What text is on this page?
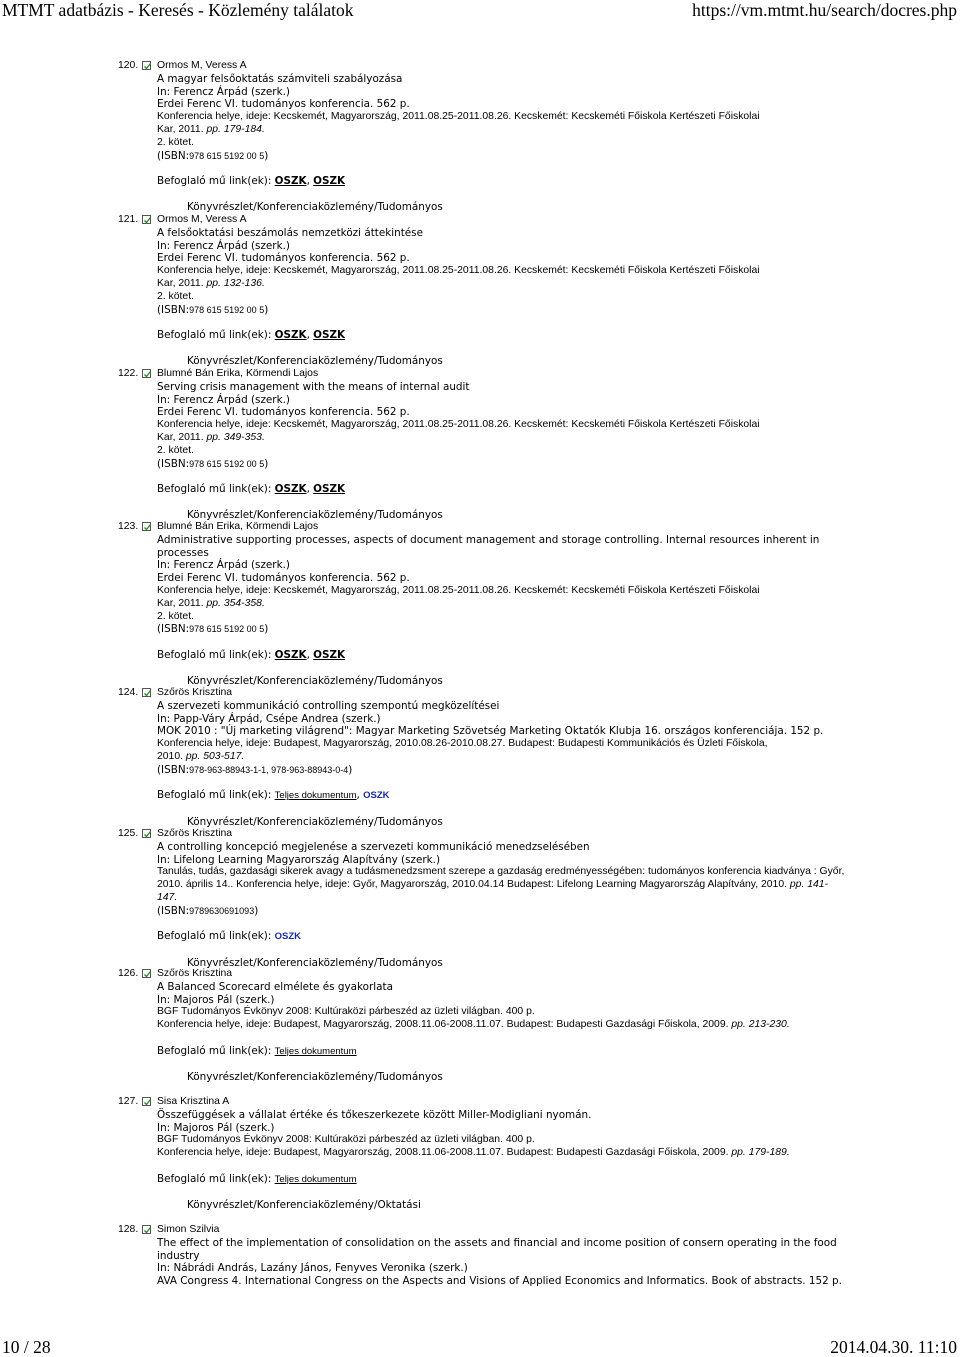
MTMT adatbázis - Keresés - Közlemény találatok	https://vm.mtmt.hu/search/docres.php
120. Ormos M, Veress A
A magyar felsőoktatás számviteli szabályozása
In: Ferencz Árpád (szerk.)
Erdei Ferenc VI. tudományos konferencia. 562 p.
Konferencia helye, ideje: Kecskemét, Magyarország, 2011.08.25-2011.08.26. Kecskemét: Kecskeméti Főiskola Kertészeti Főiskolai
Kar, 2011. pp. 179-184.
2. kötet.
(ISBN:978 615 5192 00 5)
Befoglaló mű link(ek): OSZK, OSZK
Könyvrészlet/Konferenciaközlemény/Tudományos
121. Ormos M, Veress A
A felsőoktatási beszámolás nemzetközi áttekintése
In: Ferencz Árpád (szerk.)
Erdei Ferenc VI. tudományos konferencia. 562 p.
Konferencia helye, ideje: Kecskemét, Magyarország, 2011.08.25-2011.08.26. Kecskemét: Kecskeméti Főiskola Kertészeti Főiskolai
Kar, 2011. pp. 132-136.
2. kötet.
(ISBN:978 615 5192 00 5)
Befoglaló mű link(ek): OSZK, OSZK
Könyvrészlet/Konferenciaközlemény/Tudományos
122. Blumné Bán Erika, Körmendi Lajos
Serving crisis management with the means of internal audit
In: Ferencz Árpád (szerk.)
Erdei Ferenc VI. tudományos konferencia. 562 p.
Konferencia helye, ideje: Kecskemét, Magyarország, 2011.08.25-2011.08.26. Kecskemét: Kecskeméti Főiskola Kertészeti Főiskolai
Kar, 2011. pp. 349-353.
2. kötet.
(ISBN:978 615 5192 00 5)
Befoglaló mű link(ek): OSZK, OSZK
Könyvrészlet/Konferenciaközlemény/Tudományos
123. Blumné Bán Erika, Körmendi Lajos
Administrative supporting processes, aspects of document management and storage controlling. Internal resources inherent in processes
In: Ferencz Árpád (szerk.)
Erdei Ferenc VI. tudományos konferencia. 562 p.
Konferencia helye, ideje: Kecskemét, Magyarország, 2011.08.25-2011.08.26. Kecskemét: Kecskeméti Főiskola Kertészeti Főiskolai
Kar, 2011. pp. 354-358.
2. kötet.
(ISBN:978 615 5192 00 5)
Befoglaló mű link(ek): OSZK, OSZK
Könyvrészlet/Konferenciaközlemény/Tudományos
124. Szőrös Krisztina
A szervezeti kommunikáció controlling szempontú megközelítései
In: Papp-Váry Árpád, Csépe Andrea (szerk.)
MOK 2010 : "Új marketing világrend": Magyar Marketing Szövetség Marketing Oktatók Klubja 16. országos konferenciája. 152 p.
Konferencia helye, ideje: Budapest, Magyarország, 2010.08.26-2010.08.27. Budapest: Budapesti Kommunikációs és Üzleti Főiskola,
2010. pp. 503-517.
(ISBN:978-963-88943-1-1, 978-963-88943-0-4)
Befoglaló mű link(ek): Teljes dokumentum, OSZK
Könyvrészlet/Konferenciaközlemény/Tudományos
125. Szőrös Krisztina
A controlling koncepció megjelenése a szervezeti kommunikáció menedzselésében
In: Lifelong Learning Magyarország Alapítvány (szerk.)
Tanulás, tudás, gazdasági sikerek avagy a tudásmenedzsment szerepe a gazdaság eredményességében: tudományos konferencia kiadványa : Győr, 2010. április 14.. Konferencia helye, ideje: Győr, Magyarország, 2010.04.14 Budapest: Lifelong Learning Magyarország Alapítvány, 2010. pp. 141-147.
(ISBN:9789630691093)
Befoglaló mű link(ek): OSZK
Könyvrészlet/Konferenciaközlemény/Tudományos
126. Szőrös Krisztina
A Balanced Scorecard elmélete és gyakorlata
In: Majoros Pál (szerk.)
BGF Tudományos Évkönyv 2008: Kultúraközi párbeszéd az üzleti világban. 400 p.
Konferencia helye, ideje: Budapest, Magyarország, 2008.11.06-2008.11.07. Budapest: Budapesti Gazdasági Főiskola, 2009. pp. 213-230.
Befoglaló mű link(ek): Teljes dokumentum
Könyvrészlet/Konferenciaközlemény/Tudományos
127. Sisa Krisztina A
Összefüggések a vállalat értéke és tőkeszerkezete között Miller-Modigliani nyomán.
In: Majoros Pál (szerk.)
BGF Tudományos Évkönyv 2008: Kultúraközi párbeszéd az üzleti világban. 400 p.
Konferencia helye, ideje: Budapest, Magyarország, 2008.11.06-2008.11.07. Budapest: Budapesti Gazdasági Főiskola, 2009. pp. 179-189.
Befoglaló mű link(ek): Teljes dokumentum
Könyvrészlet/Konferenciaközlemény/Oktatási
128. Simon Szilvia
The effect of the implementation of consolidation on the assets and financial and income position of consern operating in the food industry
In: Nábrádi András, Lazány János, Fenyves Veronika (szerk.)
AVA Congress 4. International Congress on the Aspects and Visions of Applied Economics and Informatics. Book of abstracts. 152 p.
10 / 28	2014.04.30. 11:10
